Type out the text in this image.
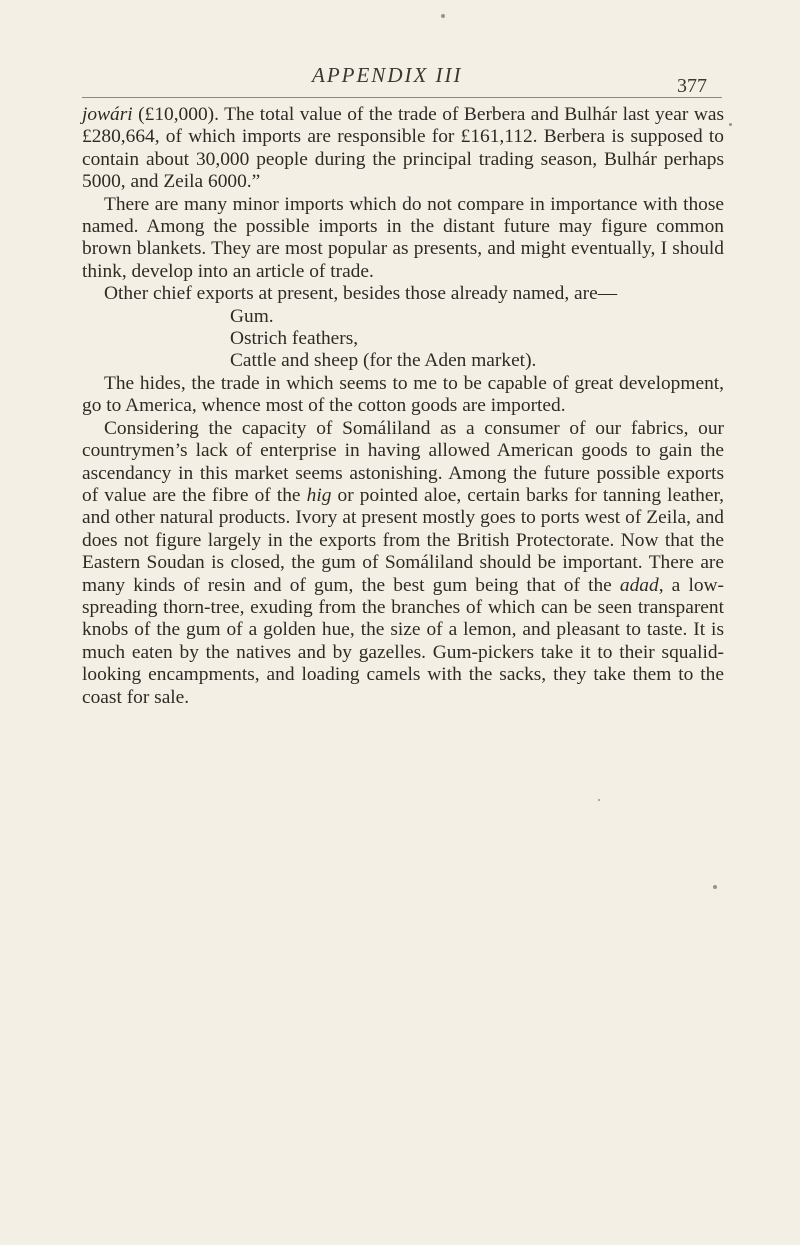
APPENDIX III	377

jowári (£10,000). The total value of the trade of Berbera and Bulhár last year was £280,664, of which imports are responsible for £161,112. Berbera is supposed to contain about 30,000 people during the principal trading season, Bulhár perhaps 5000, and Zeila 6000.”

There are many minor imports which do not compare in importance with those named. Among the possible imports in the distant future may figure common brown blankets. They are most popular as presents, and might eventually, I should think, develop into an article of trade.

Other chief exports at present, besides those already named, are—

Gum.

Ostrich feathers,

Cattle and sheep (for the Aden market).

The hides, the trade in which seems to me to be capable of great development, go to America, whence most of the cotton goods are imported.

Considering the capacity of Somáliland as a consumer of our fabrics, our countrymen’s lack of enterprise in having allowed American goods to gain the ascendancy in this market seems astonishing. Among the future possible exports of value are the fibre of the hig or pointed aloe, certain barks for tanning leather, and other natural products. Ivory at present mostly goes to ports west of Zeila, and does not figure largely in the exports from the British Protectorate. Now that the Eastern Soudan is closed, the gum of Somáliland should be important. There are many kinds of resin and of gum, the best gum being that of the adad, a low-spreading thorn-tree, exuding from the branches of which can be seen transparent knobs of the gum of a golden hue, the size of a lemon, and pleasant to taste. It is much eaten by the natives and by gazelles. Gum-pickers take it to their squalid-looking encampments, and loading camels with the sacks, they take them to the coast for sale.
